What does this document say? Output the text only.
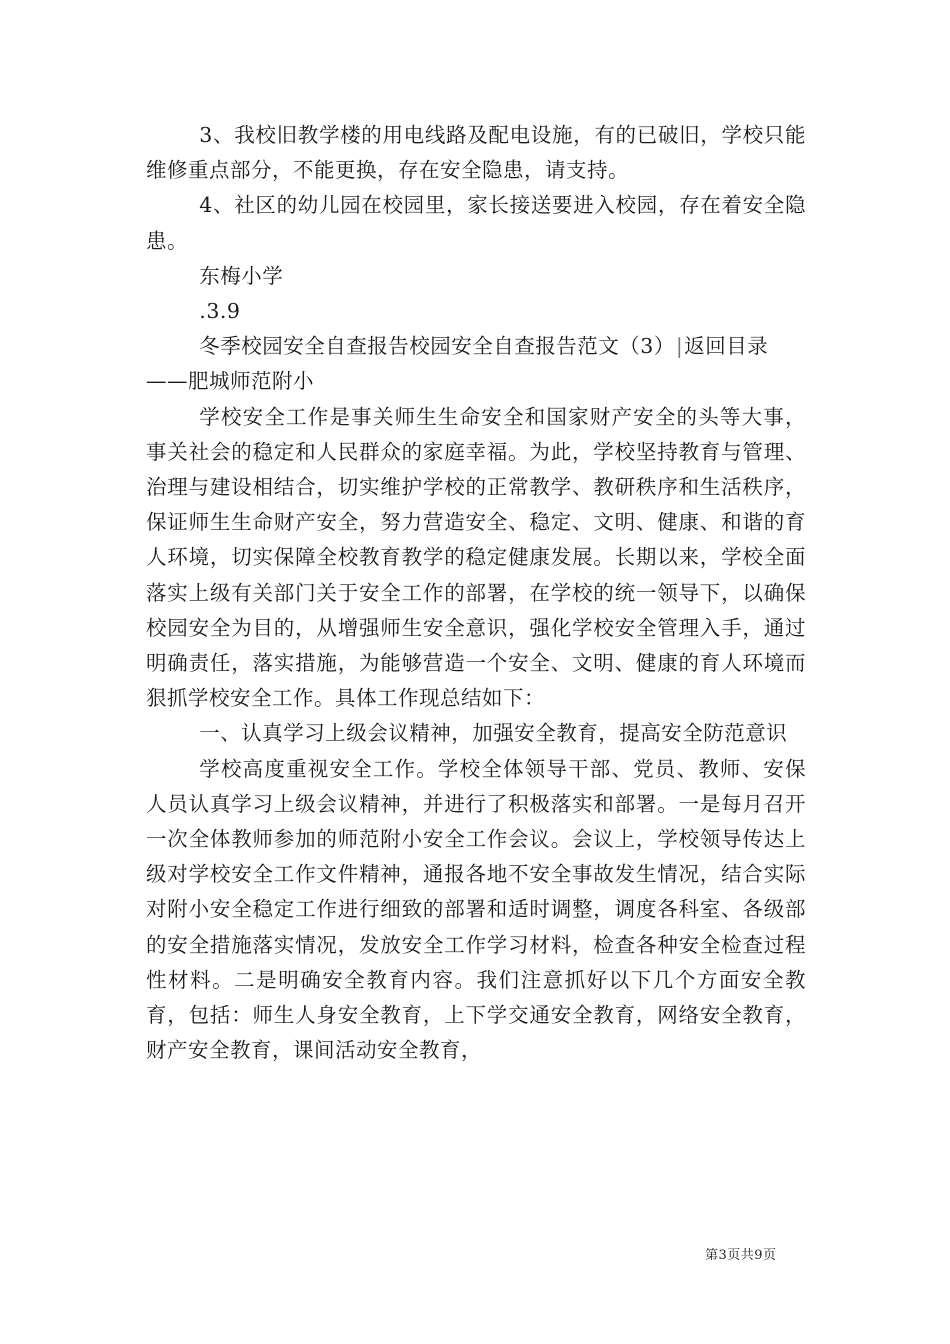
3、我校旧教学楼的用电线路及配电设施，有的已破旧，学校只能维修重点部分，不能更换，存在安全隐患，请支持。

4、社区的幼儿园在校园里，家长接送要进入校园，存在着安全隐患。

东梅小学

.3.9

冬季校园安全自查报告校园安全自查报告范文（3）|返回目录——肥城师范附小

学校安全工作是事关师生生命安全和国家财产安全的头等大事，事关社会的稳定和人民群众的家庭幸福。为此，学校坚持教育与管理、治理与建设相结合，切实维护学校的正常教学、教研秩序和生活秩序，保证师生生命财产安全，努力营造安全、稳定、文明、健康、和谐的育人环境，切实保障全校教育教学的稳定健康发展。长期以来，学校全面落实上级有关部门关于安全工作的部署，在学校的统一领导下，以确保校园安全为目的，从增强师生安全意识，强化学校安全管理入手，通过明确责任，落实措施，为能够营造一个安全、文明、健康的育人环境而狠抓学校安全工作。具体工作现总结如下：

一、认真学习上级会议精神，加强安全教育，提高安全防范意识

学校高度重视安全工作。学校全体领导干部、党员、教师、安保人员认真学习上级会议精神，并进行了积极落实和部署。一是每月召开一次全体教师参加的师范附小安全工作会议。会议上，学校领导传达上级对学校安全工作文件精神，通报各地不安全事故发生情况，结合实际对附小安全稳定工作进行细致的部署和适时调整，调度各科室、各级部的安全措施落实情况，发放安全工作学习材料，检查各种安全检查过程性材料。二是明确安全教育内容。我们注意抓好以下几个方面安全教育，包括：师生人身安全教育，上下学交通安全教育，网络安全教育，财产安全教育，课间活动安全教育，

第3页共9页
